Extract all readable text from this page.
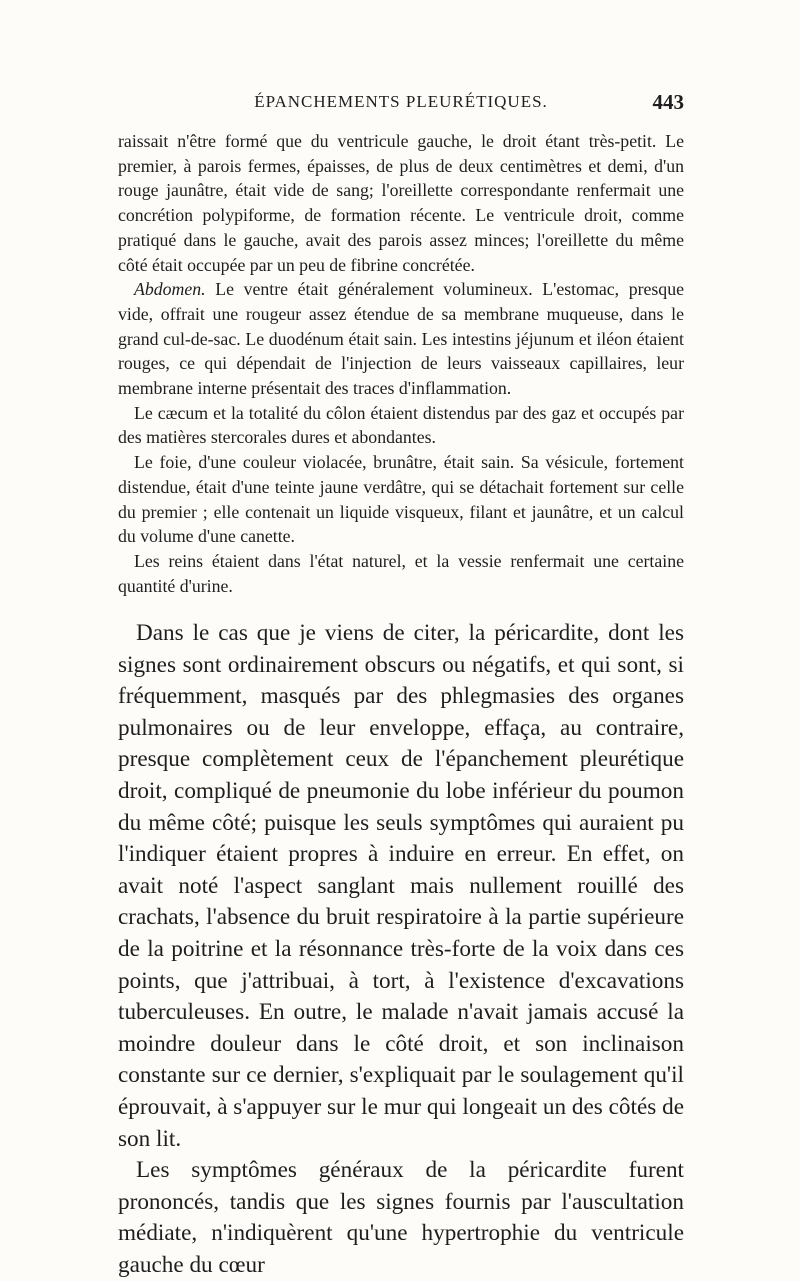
ÉPANCHEMENTS PLEURÉTIQUES.	443

raissait n'être formé que du ventricule gauche, le droit étant très-petit. Le premier, à parois fermes, épaisses, de plus de deux centimètres et demi, d'un rouge jaunâtre, était vide de sang; l'oreillette correspondante renfermait une concrétion polypiforme, de formation récente. Le ventricule droit, comme pratiqué dans le gauche, avait des parois assez minces; l'oreillette du même côté était occupée par un peu de fibrine concrétée.

Abdomen. Le ventre était généralement volumineux. L'estomac, presque vide, offrait une rougeur assez étendue de sa membrane muqueuse, dans le grand cul-de-sac. Le duodénum était sain. Les intestins jéjunum et iléon étaient rouges, ce qui dépendait de l'injection de leurs vaisseaux capillaires, leur membrane interne présentait des traces d'inflammation.

Le cæcum et la totalité du côlon étaient distendus par des gaz et occupés par des matières stercorales dures et abondantes.

Le foie, d'une couleur violacée, brunâtre, était sain. Sa vésicule, fortement distendue, était d'une teinte jaune verdâtre, qui se détachait fortement sur celle du premier ; elle contenait un liquide visqueux, filant et jaunâtre, et un calcul du volume d'une canette.

Les reins étaient dans l'état naturel, et la vessie renfermait une certaine quantité d'urine.

Dans le cas que je viens de citer, la péricardite, dont les signes sont ordinairement obscurs ou négatifs, et qui sont, si fréquemment, masqués par des phlegmasies des organes pulmonaires ou de leur enveloppe, effaça, au contraire, presque complètement ceux de l'épanchement pleurétique droit, compliqué de pneumonie du lobe inférieur du poumon du même côté; puisque les seuls symptômes qui auraient pu l'indiquer étaient propres à induire en erreur. En effet, on avait noté l'aspect sanglant mais nullement rouillé des crachats, l'absence du bruit respiratoire à la partie supérieure de la poitrine et la résonnance très-forte de la voix dans ces points, que j'attribuai, à tort, à l'existence d'excavations tuberculeuses. En outre, le malade n'avait jamais accusé la moindre douleur dans le côté droit, et son inclinaison constante sur ce dernier, s'expliquait par le soulagement qu'il éprouvait, à s'appuyer sur le mur qui longeait un des côtés de son lit.

Les symptômes généraux de la péricardite furent prononcés, tandis que les signes fournis par l'auscultation médiate, n'indiquèrent qu'une hypertrophie du ventricule gauche du cœur
